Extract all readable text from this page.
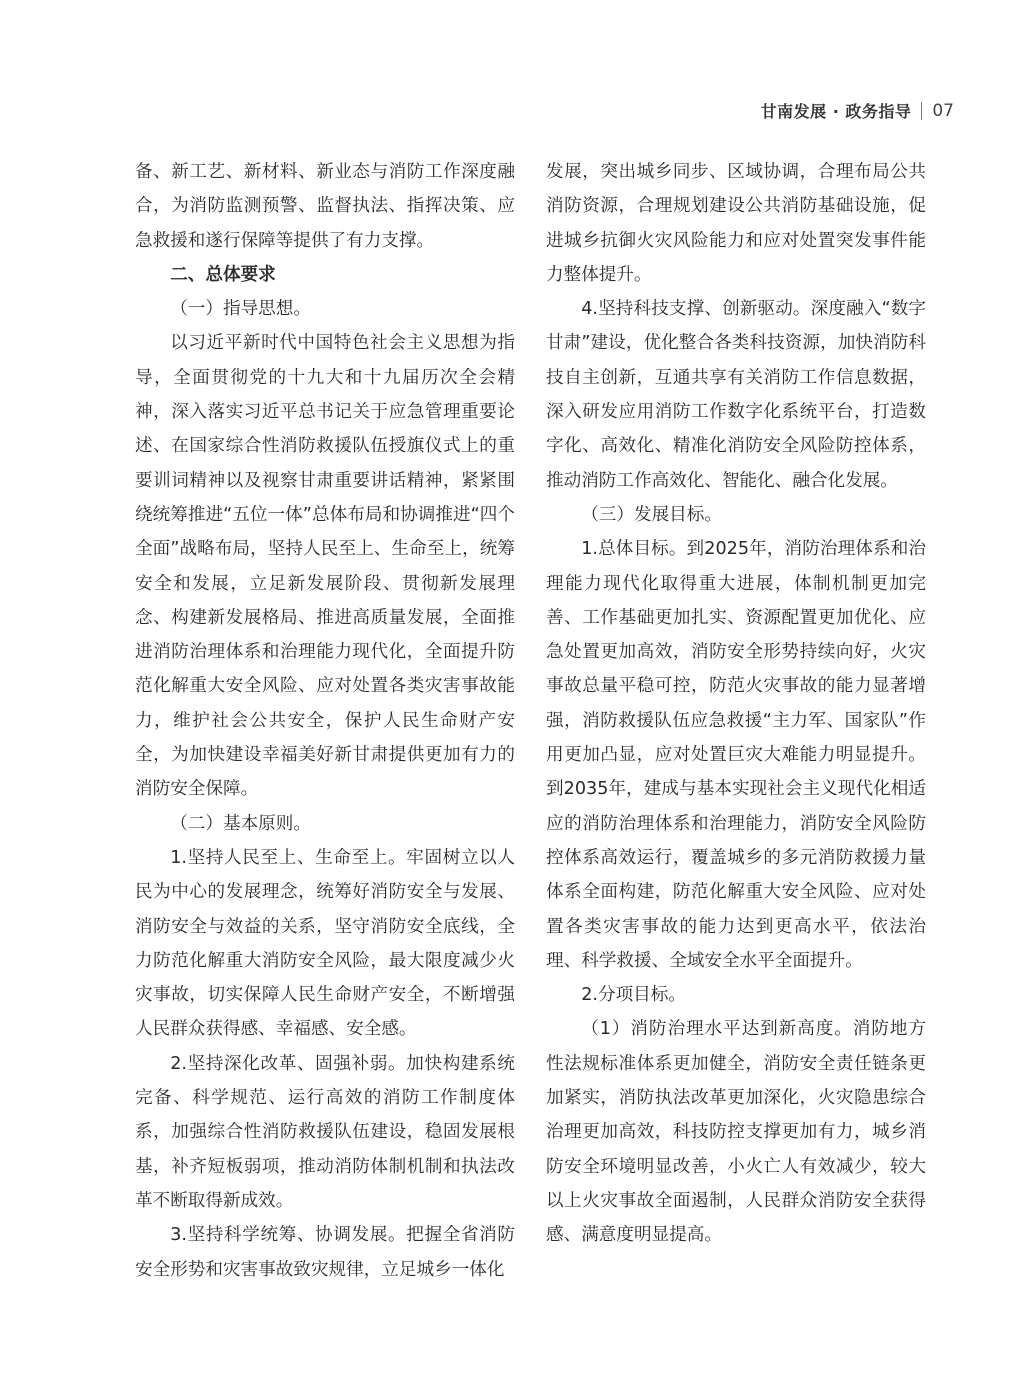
甘南发展 · 政务指导 07

备、新工艺、新材料、新业态与消防工作深度融合，为消防监测预警、监督执法、指挥决策、应急救援和遂行保障等提供了有力支撑。

二、总体要求

（一）指导思想。

以习近平新时代中国特色社会主义思想为指导，全面贯彻党的十九大和十九届历次全会精神，深入落实习近平总书记关于应急管理重要论述、在国家综合性消防救援队伍授旗仪式上的重要训词精神以及视察甘肃重要讲话精神，紧紧围绕统筹推进“五位一体”总体布局和协调推进“四个全面”战略布局，坚持人民至上、生命至上，统筹安全和发展，立足新发展阶段、贯彻新发展理念、构建新发展格局、推进高质量发展，全面推进消防治理体系和治理能力现代化，全面提升防范化解重大安全风险、应对处置各类灾害事故能力，维护社会公共安全，保护人民生命财产安全，为加快建设幸福美好新甘肃提供更加有力的消防安全保障。

（二）基本原则。

1.坚持人民至上、生命至上。牢固树立以人民为中心的发展理念，统筹好消防安全与发展、消防安全与效益的关系，坚守消防安全底线，全力防范化解重大消防安全风险，最大限度减少火灾事故，切实保障人民生命财产安全，不断增强人民群众获得感、幸福感、安全感。

2.坚持深化改革、固强补弱。加快构建系统完备、科学规范、运行高效的消防工作制度体系，加强综合性消防救援队伍建设，稳固发展根基，补齐短板弱项，推动消防体制机制和执法改革不断取得新成效。

3.坚持科学统筹、协调发展。把握全省消防安全形势和灾害事故致灾规律，立足城乡一体化

发展，突出城乡同步、区域协调，合理布局公共消防资源，合理规划建设公共消防基础设施，促进城乡抗御火灾风险能力和应对处置突发事件能力整体提升。

4.坚持科技支撑、创新驱动。深度融入“数字甘肃”建设，优化整合各类科技资源，加快消防科技自主创新，互通共享有关消防工作信息数据，深入研发应用消防工作数字化系统平台，打造数字化、高效化、精准化消防安全风险防控体系，推动消防工作高效化、智能化、融合化发展。

（三）发展目标。

1.总体目标。到2025年，消防治理体系和治理能力现代化取得重大进展，体制机制更加完善、工作基础更加扎实、资源配置更加优化、应急处置更加高效，消防安全形势持续向好，火灾事故总量平稳可控，防范火灾事故的能力显著增强，消防救援队伍应急救援“主力军、国家队”作用更加凸显，应对处置巨灾大难能力明显提升。到2035年，建成与基本实现社会主义现代化相适应的消防治理体系和治理能力，消防安全风险防控体系高效运行，覆盖城乡的多元消防救援力量体系全面构建，防范化解重大安全风险、应对处置各类灾害事故的能力达到更高水平，依法治理、科学救援、全域安全水平全面提升。

2.分项目标。

（1）消防治理水平达到新高度。消防地方性法规标准体系更加健全，消防安全责任链条更加紧实，消防执法改革更加深化，火灾隐患综合治理更加高效，科技防控支撑更加有力，城乡消防安全环境明显改善，小火亡人有效减少，较大以上火灾事故全面遏制，人民群众消防安全获得感、满意度明显提高。
